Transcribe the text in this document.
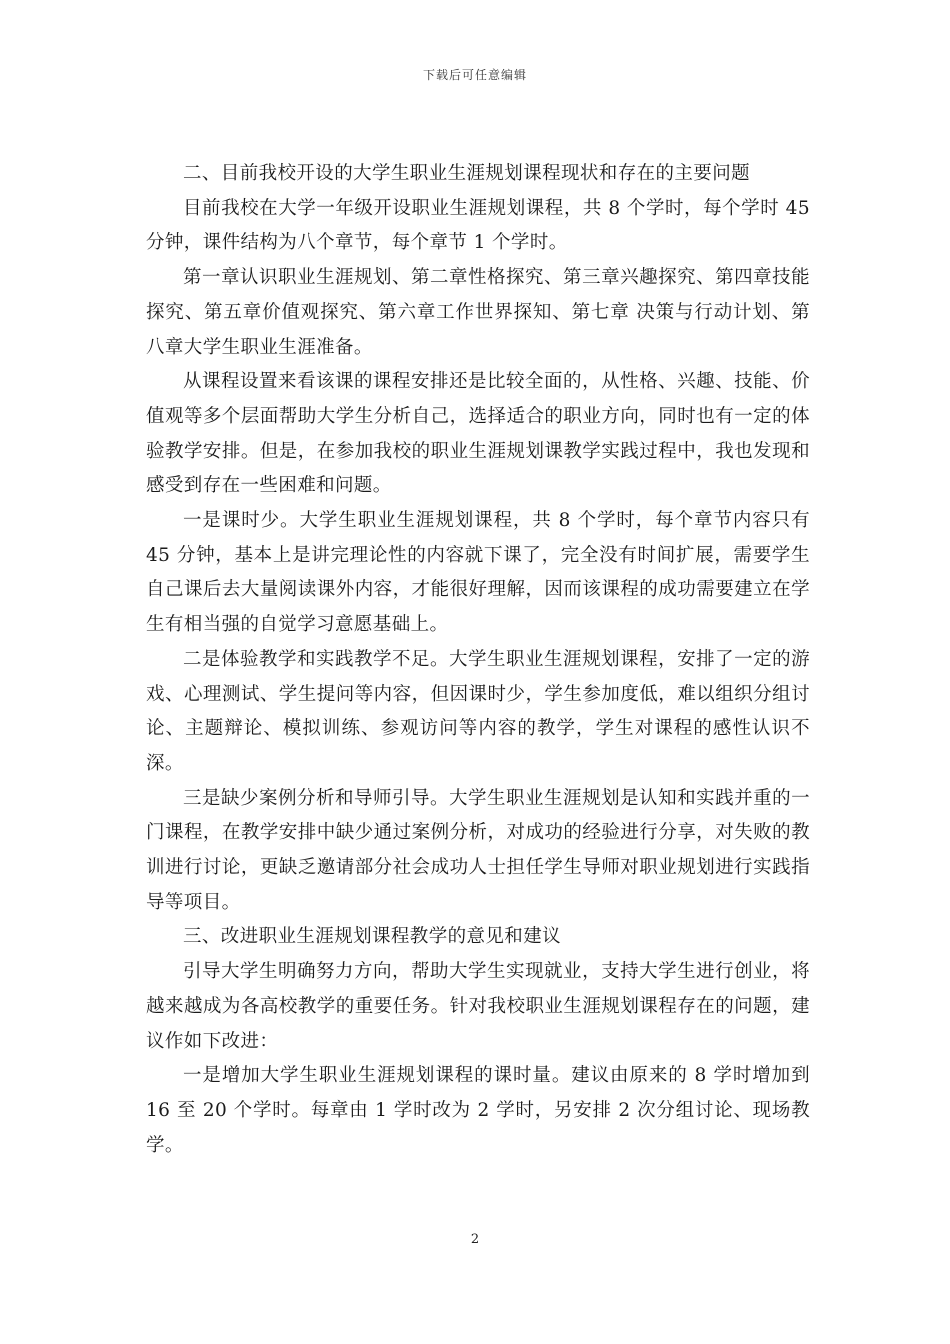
下载后可任意编辑

二、目前我校开设的大学生职业生涯规划课程现状和存在的主要问题

目前我校在大学一年级开设职业生涯规划课程，共 8 个学时，每个学时 45 分钟，课件结构为八个章节，每个章节 1 个学时。

第一章认识职业生涯规划、第二章性格探究、第三章兴趣探究、第四章技能探究、第五章价值观探究、第六章工作世界探知、第七章 决策与行动计划、第八章大学生职业生涯准备。

从课程设置来看该课的课程安排还是比较全面的，从性格、兴趣、技能、价值观等多个层面帮助大学生分析自己，选择适合的职业方向，同时也有一定的体验教学安排。但是，在参加我校的职业生涯规划课教学实践过程中，我也发现和感受到存在一些困难和问题。

一是课时少。大学生职业生涯规划课程，共 8 个学时，每个章节内容只有 45 分钟，基本上是讲完理论性的内容就下课了，完全没有时间扩展，需要学生自己课后去大量阅读课外内容，才能很好理解，因而该课程的成功需要建立在学生有相当强的自觉学习意愿基础上。

二是体验教学和实践教学不足。大学生职业生涯规划课程，安排了一定的游戏、心理测试、学生提问等内容，但因课时少，学生参加度低，难以组织分组讨论、主题辩论、模拟训练、参观访问等内容的教学，学生对课程的感性认识不深。

三是缺少案例分析和导师引导。大学生职业生涯规划是认知和实践并重的一门课程，在教学安排中缺少通过案例分析，对成功的经验进行分享，对失败的教训进行讨论，更缺乏邀请部分社会成功人士担任学生导师对职业规划进行实践指导等项目。

三、改进职业生涯规划课程教学的意见和建议

引导大学生明确努力方向，帮助大学生实现就业，支持大学生进行创业，将越来越成为各高校教学的重要任务。针对我校职业生涯规划课程存在的问题，建议作如下改进：

一是增加大学生职业生涯规划课程的课时量。建议由原来的 8 学时增加到 16 至 20 个学时。每章由 1 学时改为 2 学时，另安排 2 次分组讨论、现场教学。

2
